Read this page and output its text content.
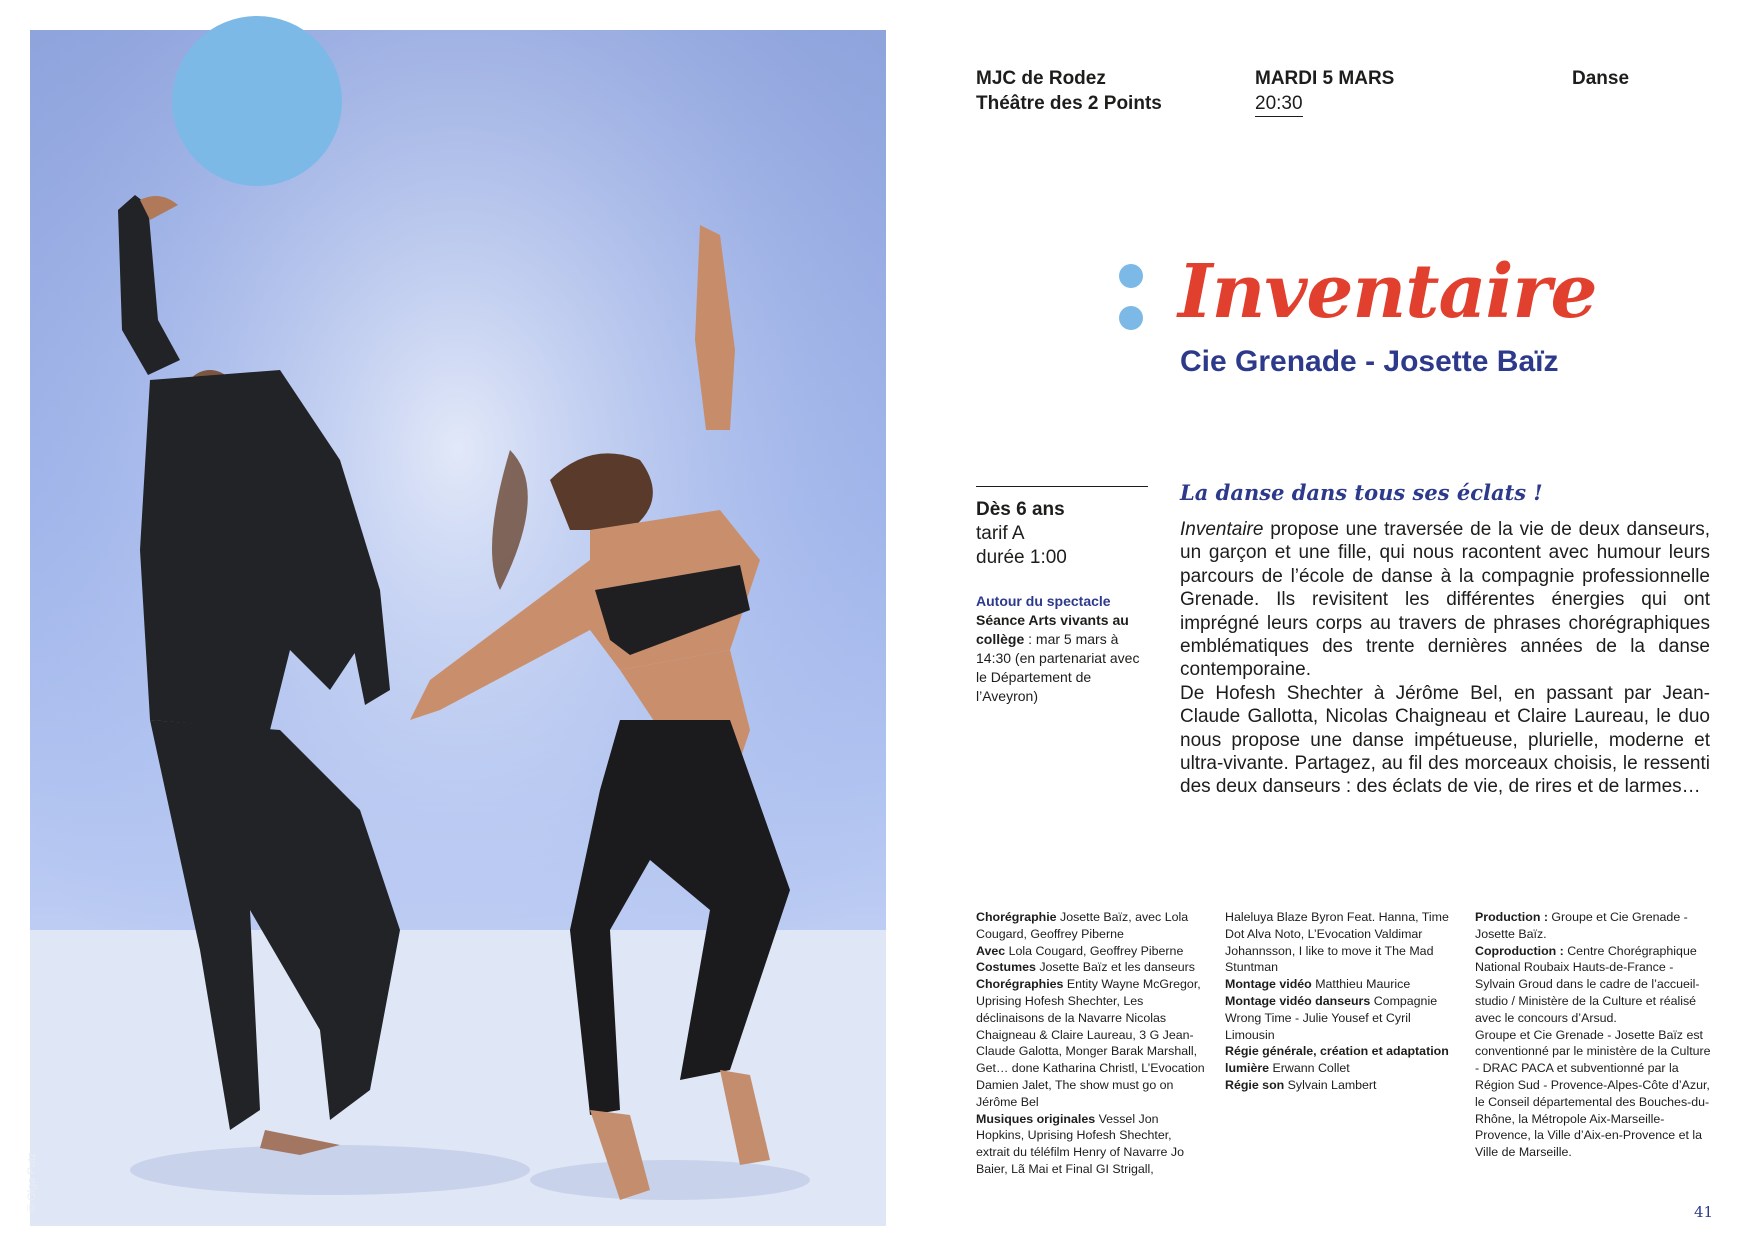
© Olga Putz
MJC de Rodez
Théâtre des 2 Points
MARDI 5 MARS
20:30
Danse
Inventaire
Cie Grenade - Josette Baïz
Dès 6 ans
tarif A
durée 1:00
Autour du spectacle
Séance Arts vivants au collège : mar 5 mars à 14:30 (en partenariat avec le Département de l’Aveyron)
La danse dans tous ses éclats !

Inventaire propose une traversée de la vie de deux danseurs, un garçon et une fille, qui nous racontent avec humour leurs parcours de l’école de danse à la compagnie professionnelle Grenade. Ils revisitent les différentes énergies qui ont imprégné leurs corps au travers de phrases chorégraphiques emblématiques des trente dernières années de la danse contemporaine.

De Hofesh Shechter à Jérôme Bel, en passant par Jean-Claude Gallotta, Nicolas Chaigneau et Claire Laureau, le duo nous propose une danse impétueuse, plurielle, moderne et ultra-vivante. Partagez, au fil des morceaux choisis, le ressenti des deux danseurs : des éclats de vie, de rires et de larmes…

Chorégraphie Josette Baïz, avec Lola Cougard, Geoffrey Piberne
Avec Lola Cougard, Geoffrey Piberne
Costumes Josette Baïz et les danseurs
Chorégraphies Entity Wayne McGregor, Uprising Hofesh Shechter, Les déclinaisons de la Navarre Nicolas Chaigneau & Claire Laureau, 3 G Jean-Claude Galotta, Monger Barak Marshall, Get… done Katharina Christl, L’Evocation Damien Jalet, The show must go on Jérôme Bel
Musiques originales Vessel Jon Hopkins, Uprising Hofesh Shechter, extrait du téléfilm Henry of Navarre Jo Baier, Lã Mai et Final GI Strigall,
Haleluya Blaze Byron Feat. Hanna, Time Dot Alva Noto, L’Evocation Valdimar Johannsson, I like to move it The Mad Stuntman
Montage vidéo Matthieu Maurice
Montage vidéo danseurs Compagnie Wrong Time - Julie Yousef et Cyril Limousin
Régie générale, création et adaptation lumière Erwann Collet
Régie son Sylvain Lambert
Production : Groupe et Cie Grenade - Josette Baïz.
Coproduction : Centre Chorégraphique National Roubaix Hauts-de-France - Sylvain Groud dans le cadre de l’accueil-studio / Ministère de la Culture et réalisé avec le concours d’Arsud.
Groupe et Cie Grenade - Josette Baïz est conventionné par le ministère de la Culture - DRAC PACA et subventionné par la Région Sud - Provence-Alpes-Côte d’Azur, le Conseil départemental des Bouches-du-Rhône, la Métropole Aix-Marseille-Provence, la Ville d’Aix-en-Provence et la Ville de Marseille.
41
